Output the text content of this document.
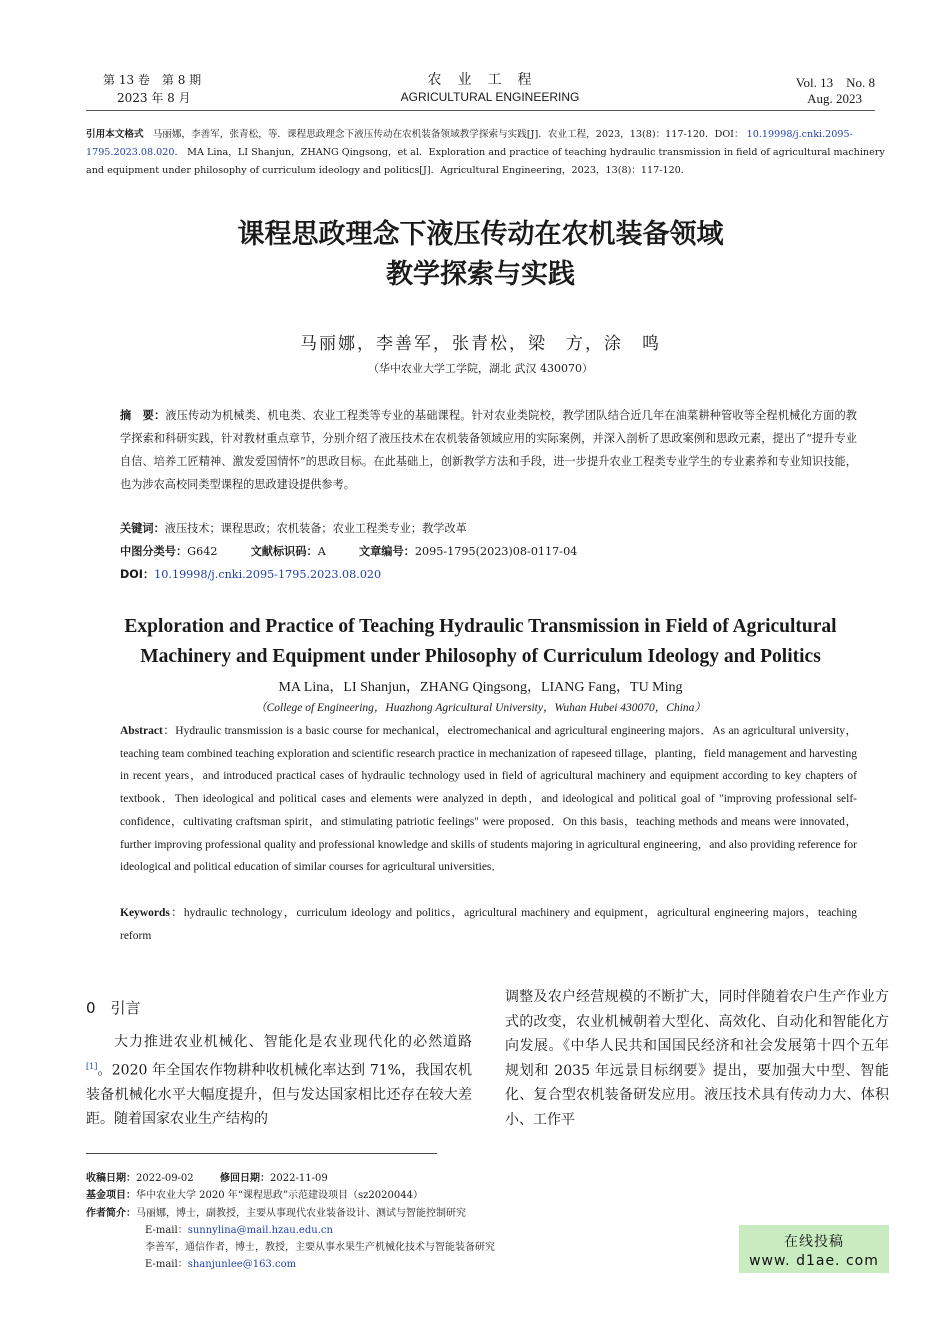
第 13 卷　第 8 期
2023 年 8 月
农　业　工　程
AGRICULTURAL ENGINEERING
Vol. 13　No. 8
Aug. 2023
引用本文格式 马丽娜，李善军，张青松，等．课程思政理念下液压传动在农机装备领域教学探索与实践[J]．农业工程，2023，13(8)：117-120．DOI： 10.19998/j.cnki.2095-1795.2023.08.020.　MA Lina，LI Shanjun，ZHANG Qingsong，et al．Exploration and practice of teaching hydraulic transmission in field of agricultural machinery and equipment under philosophy of curriculum ideology and politics[J]．Agricultural Engineering，2023，13(8)：117-120.
课程思政理念下液压传动在农机装备领域
教学探索与实践
马丽娜，李善军，张青松，梁　方，涂　鸣
（华中农业大学工学院，湖北 武汉 430070）
摘　要：液压传动为机械类、机电类、农业工程类等专业的基础课程。针对农业类院校，教学团队结合近几年在油菜耕种管收等全程机械化方面的教学探索和科研实践，针对教材重点章节，分别介绍了液压技术在农机装备领域应用的实际案例，并深入剖析了思政案例和思政元素，提出了“提升专业自信、培养工匠精神、激发爱国情怀”的思政目标。在此基础上，创新教学方法和手段，进一步提升农业工程类专业学生的专业素养和专业知识技能，也为涉农高校同类型课程的思政建设提供参考。
关键词：液压技术；课程思政；农机装备；农业工程类专业；教学改革
中图分类号：G642	文献标识码：A	文章编号：2095-1795(2023)08-0117-04
DOI：10.19998/j.cnki.2095-1795.2023.08.020
Exploration and Practice of Teaching Hydraulic Transmission in Field of Agricultural
Machinery and Equipment under Philosophy of Curriculum Ideology and Politics
MA Lina，LI Shanjun，ZHANG Qingsong，LIANG Fang，TU Ming
（College of Engineering，Huazhong Agricultural University，Wuhan Hubei 430070，China）
Abstract：Hydraulic transmission is a basic course for mechanical，electromechanical and agricultural engineering majors．As an agricultural university，teaching team combined teaching exploration and scientific research practice in mechanization of rapeseed tillage，planting，field management and harvesting in recent years，and introduced practical cases of hydraulic technology used in field of agricultural machinery and equipment according to key chapters of textbook．Then ideological and political cases and elements were analyzed in depth，and ideological and political goal of "improving professional self-confidence，cultivating craftsman spirit，and stimulating patriotic feelings" were proposed．On this basis，teaching methods and means were innovated，further improving professional quality and professional knowledge and skills of students majoring in agricultural engineering，and also providing reference for ideological and political education of similar courses for agricultural universities．
Keywords：hydraulic technology，curriculum ideology and politics，agricultural machinery and equipment，agricultural engineering majors，teaching reform
0　引言
大力推进农业机械化、智能化是农业现代化的必然道路[1]。2020 年全国农作物耕种收机械化率达到 71%，我国农机装备机械化水平大幅度提升，但与发达国家相比还存在较大差距。随着国家农业生产结构的
调整及农户经营规模的不断扩大，同时伴随着农户生产作业方式的改变，农业机械朝着大型化、高效化、自动化和智能化方向发展。《中华人民共和国国民经济和社会发展第十四个五年规划和 2035 年远景目标纲要》提出，要加强大中型、智能化、复合型农机装备研发应用。液压技术具有传动力大、体积小、工作平
收稿日期：2022-09-02	修回日期：2022-11-09
基金项目：华中农业大学 2020 年“课程思政”示范建设项目（sz2020044）
作者简介：马丽娜，博士，副教授，主要从事现代农业装备设计、测试与智能控制研究
E-mail：sunnylina@mail.hzau.edu.cn
李善军，通信作者，博士，教授，主要从事水果生产机械化技术与智能装备研究
E-mail：shanjunlee@163.com
在线投稿
www. d1ae. com
